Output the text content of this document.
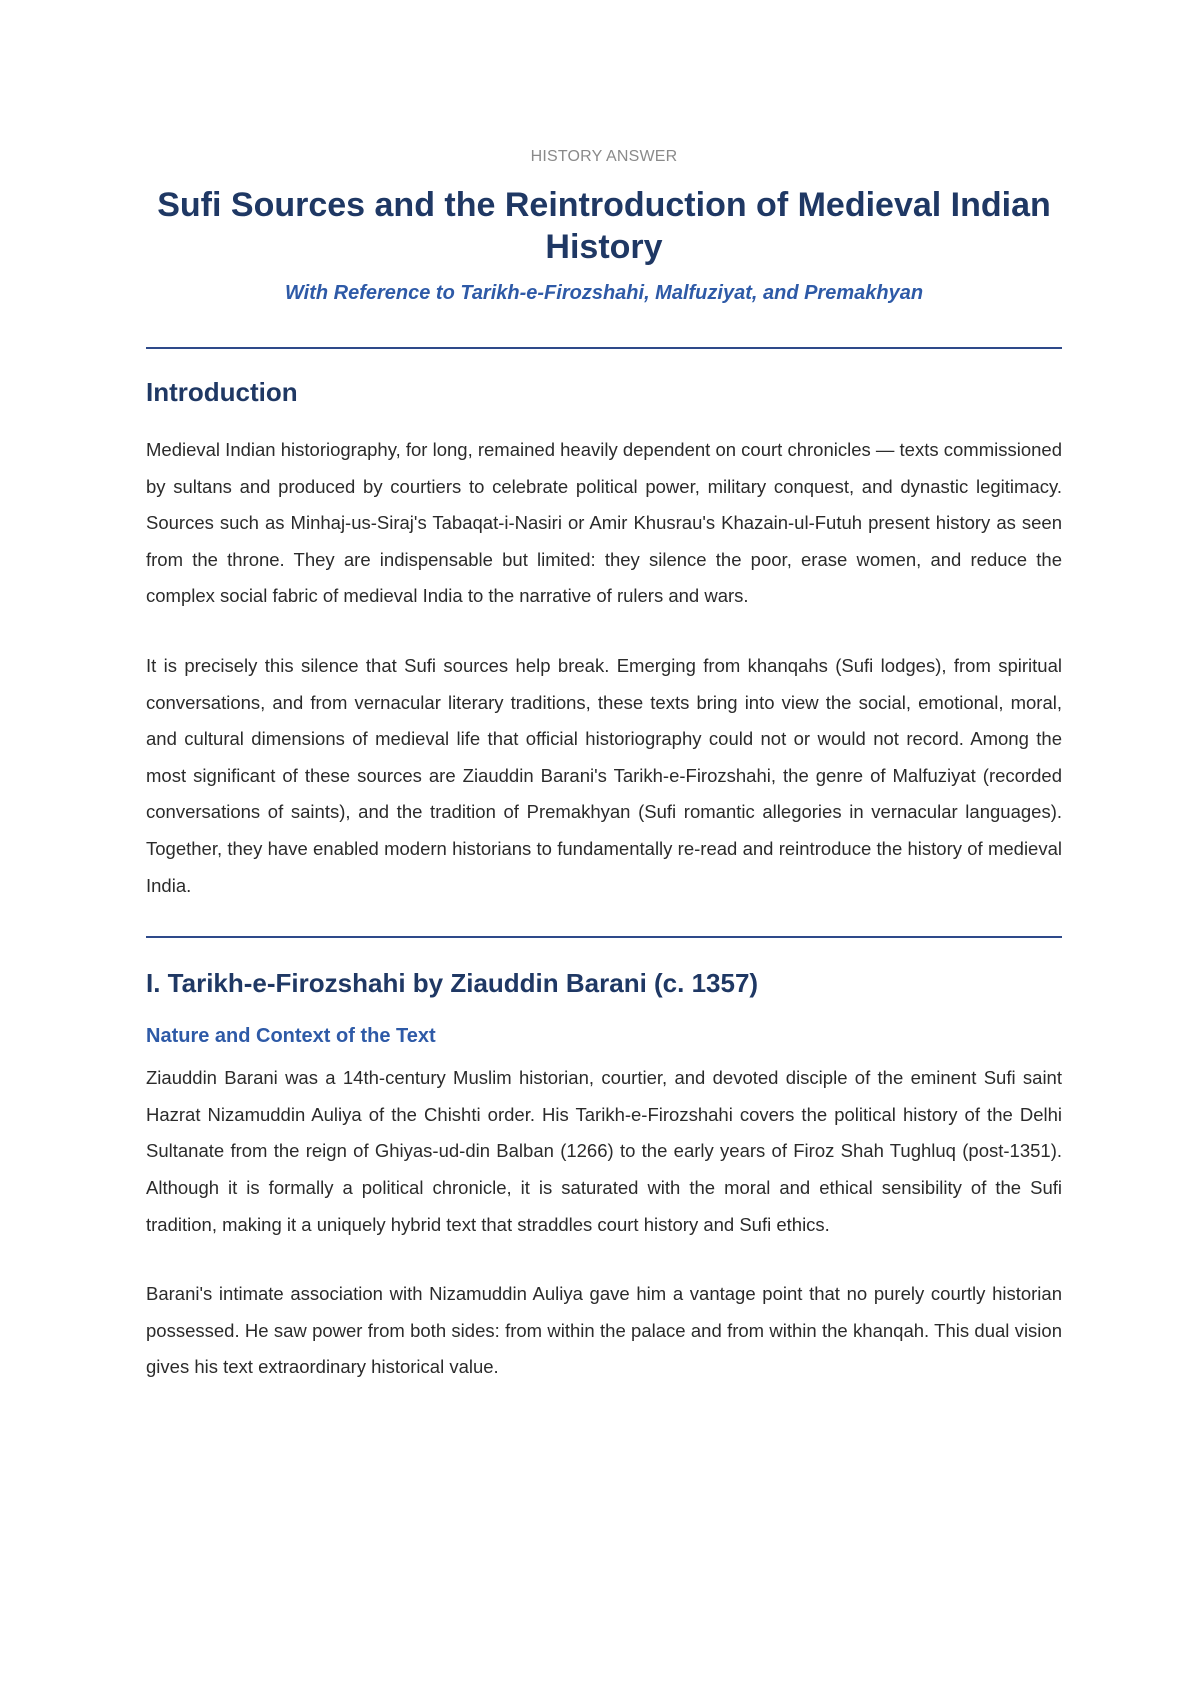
HISTORY ANSWER
Sufi Sources and the Reintroduction of Medieval Indian History
With Reference to Tarikh-e-Firozshahi, Malfuziyat, and Premakhyan
Introduction

Medieval Indian historiography, for long, remained heavily dependent on court chronicles — texts commissioned by sultans and produced by courtiers to celebrate political power, military conquest, and dynastic legitimacy. Sources such as Minhaj-us-Siraj's Tabaqat-i-Nasiri or Amir Khusrau's Khazain-ul-Futuh present history as seen from the throne. They are indispensable but limited: they silence the poor, erase women, and reduce the complex social fabric of medieval India to the narrative of rulers and wars.

It is precisely this silence that Sufi sources help break. Emerging from khanqahs (Sufi lodges), from spiritual conversations, and from vernacular literary traditions, these texts bring into view the social, emotional, moral, and cultural dimensions of medieval life that official historiography could not or would not record. Among the most significant of these sources are Ziauddin Barani's Tarikh-e-Firozshahi, the genre of Malfuziyat (recorded conversations of saints), and the tradition of Premakhyan (Sufi romantic allegories in vernacular languages). Together, they have enabled modern historians to fundamentally re-read and reintroduce the history of medieval India.

I. Tarikh-e-Firozshahi by Ziauddin Barani (c. 1357)
Nature and Context of the Text

Ziauddin Barani was a 14th-century Muslim historian, courtier, and devoted disciple of the eminent Sufi saint Hazrat Nizamuddin Auliya of the Chishti order. His Tarikh-e-Firozshahi covers the political history of the Delhi Sultanate from the reign of Ghiyas-ud-din Balban (1266) to the early years of Firoz Shah Tughluq (post-1351). Although it is formally a political chronicle, it is saturated with the moral and ethical sensibility of the Sufi tradition, making it a uniquely hybrid text that straddles court history and Sufi ethics.

Barani's intimate association with Nizamuddin Auliya gave him a vantage point that no purely courtly historian possessed. He saw power from both sides: from within the palace and from within the khanqah. This dual vision gives his text extraordinary historical value.
